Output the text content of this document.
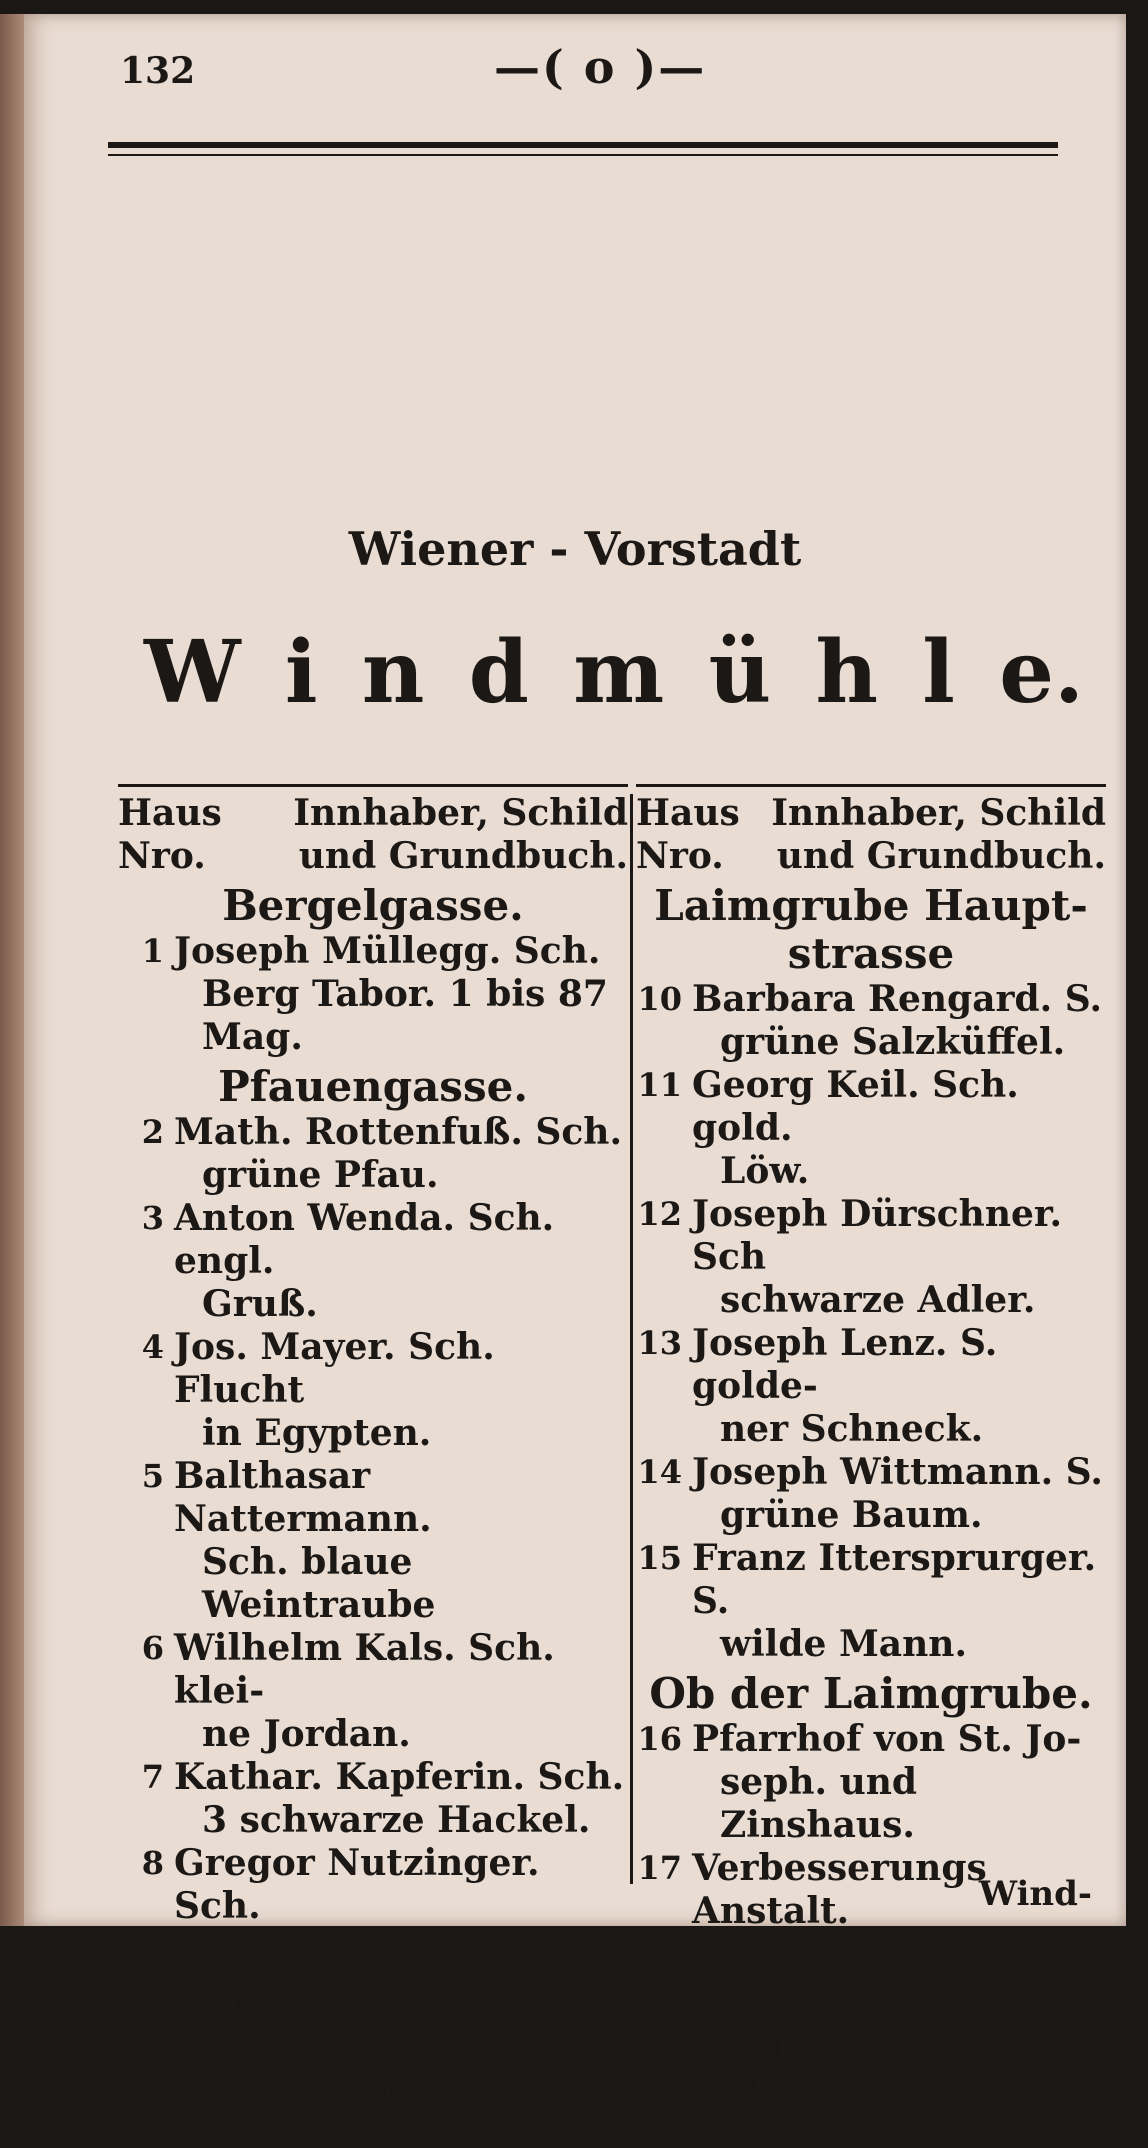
132	—( o )—
Wiener - Vorstadt
W i n d m ü h l e.
Haus	Innhaber, Schild
Nro.	und Grundbuch.
Bergelgasse.
1 Joseph Müllegg. Sch.
Berg Tabor. 1 bis 87
Mag.
Pfauengasse.
2 Math. Rottenfuß. Sch.
grüne Pfau.
3 Anton Wenda. Sch. engl.
Gruß.
4 Jos. Mayer. Sch. Flucht
in Egypten.
5 Balthasar Nattermann.
Sch. blaue Weintraube
6 Wilhelm Kals. Sch. klei-
ne Jordan.
7 Kathar. Kapferin. Sch.
3 schwarze Hackel.
8 Gregor Nutzinger. Sch.
schwarze Rößel.
Bergelgasse.
9 Franz Harhamer. Sch.
gold. Ochs.
Haus Innhaber, Schild
Nro.	und Grundbuch.
Laimgrube Haupt-strasse
10 Barbara Rengard. S.
grüne Salzküffel.
11 Georg Keil. Sch. gold.
Löw.
12 Joseph Dürschner. Sch
schwarze Adler.
13 Joseph Lenz. S. golde-
ner Schneck.
14 Joseph Wittmann. S.
grüne Baum.
15 Franz Ittersprurger. S.
wilde Mann.
Ob der Laimgrube.
16 Pfarrhof von St. Jo-
seph. und Zinshaus.
17 Verbesserungs Anstalt.
18 Karl Spenger. Sch. 2
Alstern.
19 Joseph Knoll. S. Ritter
St. Georg.
Wind-
